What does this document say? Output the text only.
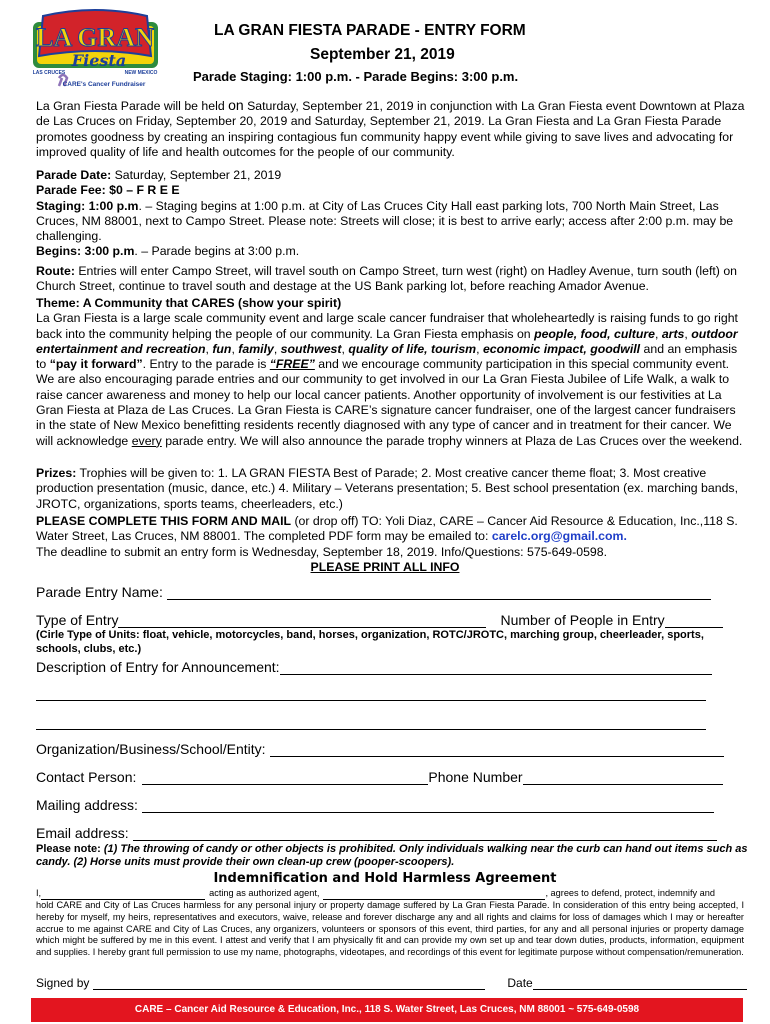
LA GRAN
Fiesta
LAS CRUCES	NEW MEXICO
CARE's Cancer Fundraiser
LA GRAN FIESTA PARADE - ENTRY FORM
September 21, 2019
Parade Staging: 1:00 p.m. - Parade Begins: 3:00 p.m.
La Gran Fiesta Parade will be held on Saturday, September 21, 2019 in conjunction with La Gran Fiesta event Downtown at Plaza de Las Cruces on Friday, September 20, 2019 and Saturday, September 21, 2019. La Gran Fiesta and La Gran Fiesta Parade promotes goodness by creating an inspiring contagious fun community happy event while giving to save lives and advocating for improved quality of life and health outcomes for the people of our community.

Parade Date: Saturday, September 21, 2019

Parade Fee: $0 – F R E E

Staging: 1:00 p.m. – Staging begins at 1:00 p.m. at City of Las Cruces City Hall east parking lots, 700 North Main Street, Las Cruces, NM 88001, next to Campo Street. Please note: Streets will close; it is best to arrive early; access after 2:00 p.m. may be challenging.

Begins: 3:00 p.m. – Parade begins at 3:00 p.m.

Route: Entries will enter Campo Street, will travel south on Campo Street, turn west (right) on Hadley Avenue, turn south (left) on Church Street, continue to travel south and destage at the US Bank parking lot, before reaching Amador Avenue.

Theme: A Community that CARES (show your spirit)

La Gran Fiesta is a large scale community event and large scale cancer fundraiser that wholeheartedly is raising funds to go right back into the community helping the people of our community. La Gran Fiesta emphasis on people, food, culture, arts, outdoor entertainment and recreation, fun, family, southwest, quality of life, tourism, economic impact, goodwill and an emphasis to “pay it forward”. Entry to the parade is “FREE” and we encourage community participation in this special community event. We are also encouraging parade entries and our community to get involved in our La Gran Fiesta Jubilee of Life Walk, a walk to raise cancer awareness and money to help our local cancer patients. Another opportunity of involvement is our festivities at La Gran Fiesta at Plaza de Las Cruces. La Gran Fiesta is CARE’s signature cancer fundraiser, one of the largest cancer fundraisers in the state of New Mexico benefitting residents recently diagnosed with any type of cancer and in treatment for their cancer. We will acknowledge every parade entry. We will also announce the parade trophy winners at Plaza de Las Cruces over the weekend.

Prizes: Trophies will be given to: 1. LA GRAN FIESTA Best of Parade; 2. Most creative cancer theme float; 3. Most creative production presentation (music, dance, etc.) 4. Military – Veterans presentation; 5. Best school presentation (ex. marching bands, JROTC, organizations, sports teams, cheerleaders, etc.)

PLEASE COMPLETE THIS FORM AND MAIL (or drop off) TO: Yoli Diaz, CARE – Cancer Aid Resource & Education, Inc.,118 S. Water Street, Las Cruces, NM 88001. The completed PDF form may be emailed to: carelc.org@gmail.com.

The deadline to submit an entry form is Wednesday, September 18, 2019. Info/Questions: 575-649-0598.

PLEASE PRINT ALL INFO
Parade Entry Name:
Type of Entry	Number of People in Entry
(Cirle Type of Units: float, vehicle, motorcycles, band, horses, organization, ROTC/JROTC, marching group, cheerleader, sports, schools, clubs, etc.)
Description of Entry for Announcement:
Organization/Business/School/Entity:
Contact Person:	Phone Number
Mailing address:
Email address:
Please note: (1) The throwing of candy or other objects is prohibited. Only individuals walking near the curb can hand out items such as candy. (2) Horse units must provide their own clean-up crew (pooper-scoopers).
Indemnification and Hold Harmless Agreement
I,	acting as authorized agent,	, agrees to defend, protect, indemnify and
hold CARE and City of Las Cruces harmless for any personal injury or property damage suffered by La Gran Fiesta Parade. In consideration of this entry being accepted, I hereby for myself, my heirs, representatives and executors, waive, release and forever discharge any and all rights and claims for loss of damages which I may or hereafter accrue to me against CARE and City of Las Cruces, any organizers, volunteers or sponsors of this event, third parties, for any and all personal injuries or property damage which might be suffered by me in this event. I attest and verify that I am physically fit and can provide my own set up and tear down duties, products, information, equipment and supplies. I hereby grant full permission to use my name, photographs, videotapes, and recordings of this event for legitimate purpose without compensation/remuneration.
Signed by	Date
CARE – Cancer Aid Resource & Education, Inc., 118 S. Water Street, Las Cruces, NM 88001 ~ 575-649-0598
